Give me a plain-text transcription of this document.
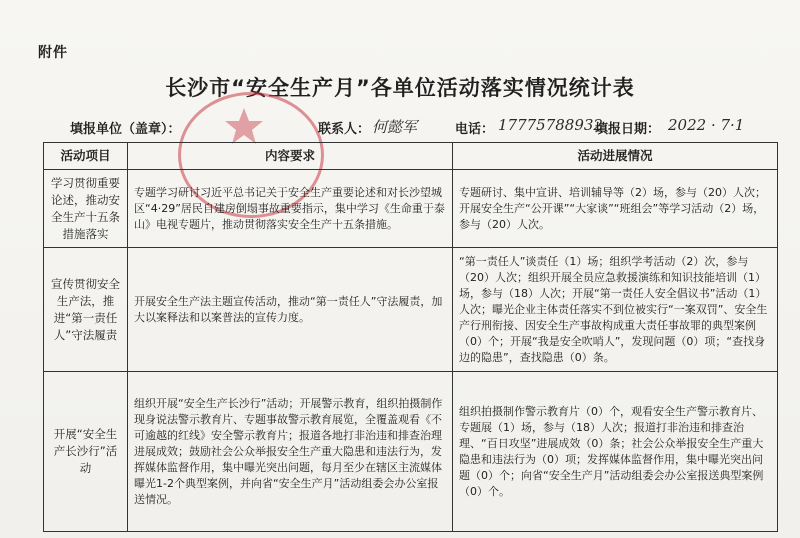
附件
长沙市“安全生产月”各单位活动落实情况统计表
填报单位（盖章）：	联系人： 何懿军	电话： 17775788932
填报日期： 2022 · 7·1
活动项目	内容要求	活动进展情况
学习贯彻重要论述，推动安全生产十五条措施落实	专题学习研讨习近平总书记关于安全生产重要论述和对长沙望城区“4·29”居民自建房倒塌事故重要指示，集中学习《生命重于泰山》电视专题片，推动贯彻落实安全生产十五条措施。	专题研讨、集中宣讲、培训辅导等（2）场，参与（20）人次；开展安全生产“公开课”“大家谈”“班组会”等学习活动（2）场，参与（20）人次。
宣传贯彻安全生产法，推进“第一责任人”守法履责	开展安全生产法主题宣传活动，推动“第一责任人”守法履责，加大以案释法和以案普法的宣传力度。	“第一责任人”谈责任（1）场；组织学考活动（2）次，参与（20）人次；组织开展全员应急救援演练和知识技能培训（1）场，参与（18）人次；开展“第一责任人安全倡议书”活动（1）人次；曝光企业主体责任落实不到位被实行“一案双罚”、安全生产行刑衔接、因安全生产事故构成重大责任事故罪的典型案例（0）个；开展“我是安全吹哨人”，发现问题（0）项；“查找身边的隐患”，查找隐患（0）条。
开展“安全生产长沙行”活动	组织开展“安全生产长沙行”活动；开展警示教育，组织拍摄制作现身说法警示教育片、专题事故警示教育展览，全覆盖观看《不可逾越的红线》安全警示教育片；报道各地打非治违和排查治理进展成效；鼓励社会公众举报安全生产重大隐患和违法行为，发挥媒体监督作用，集中曝光突出问题，每月至少在辖区主流媒体曝光1-2个典型案例，并向省“安全生产月”活动组委会办公室报送情况。	组织拍摄制作警示教育片（0）个，观看安全生产警示教育片、专题展（1）场，参与（18）人次；报道打非治违和排查治理、“百日攻坚”进展成效（0）条；社会公众举报安全生产重大隐患和违法行为（0）项；发挥媒体监督作用，集中曝光突出问题（0）个；向省“安全生产月”活动组委会办公室报送典型案例（0）个。
